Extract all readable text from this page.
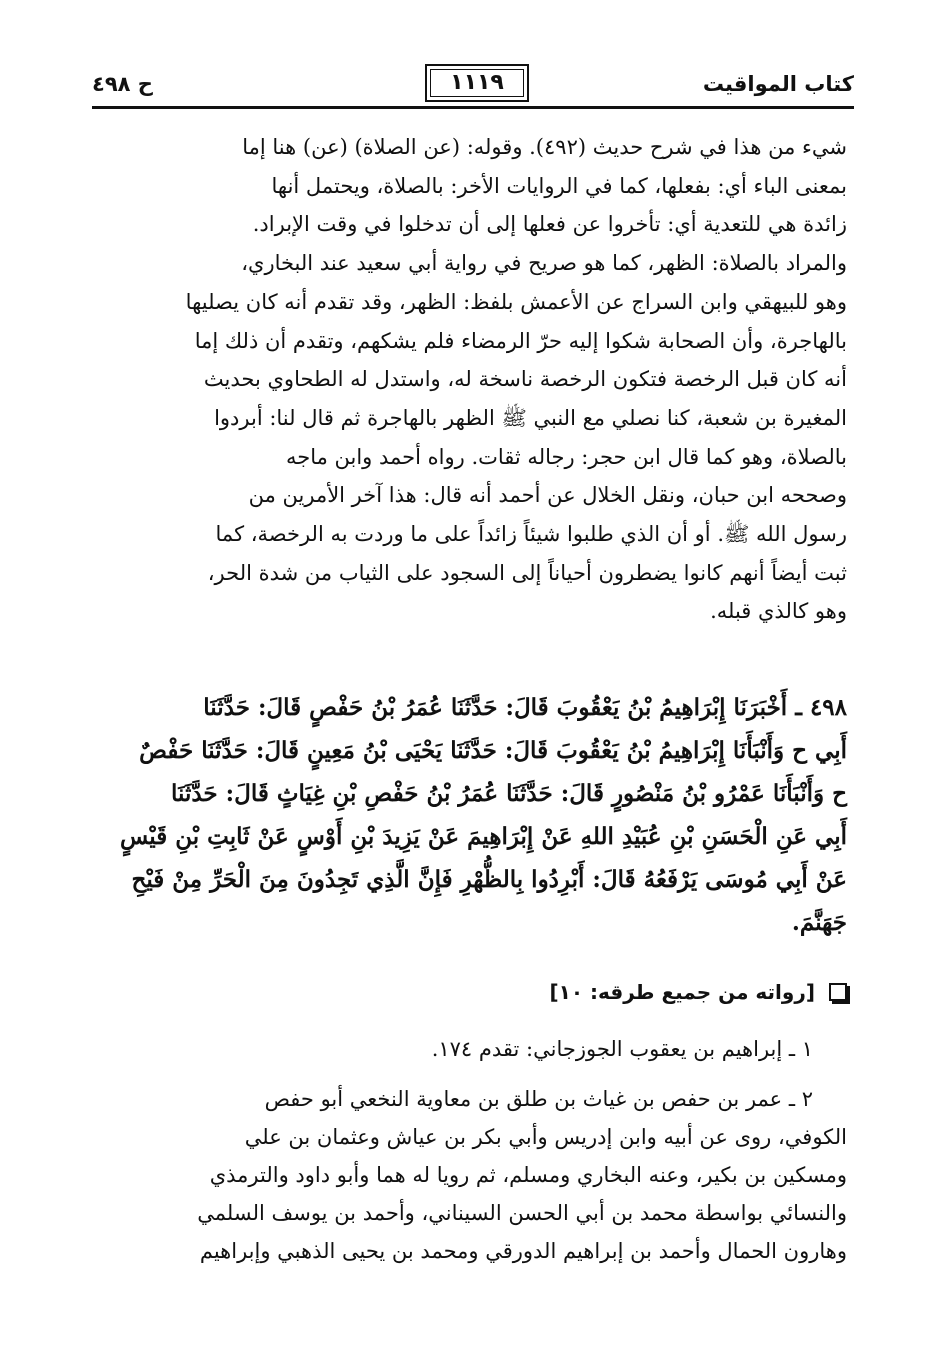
كتاب المواقيت
١١١٩
ح ٤٩٨

شيء من هذا في شرح حديث (٤٩٢). وقوله: (عن الصلاة) (عن) هنا إما

بمعنى الباء أي: بفعلها، كما في الروايات الأخر: بالصلاة، ويحتمل أنها

زائدة هي للتعدية أي: تأخروا عن فعلها إلى أن تدخلوا في وقت الإبراد.

والمراد بالصلاة: الظهر، كما هو صريح في رواية أبي سعيد عند البخاري،

وهو للبيهقي وابن السراج عن الأعمش بلفظ: الظهر، وقد تقدم أنه كان يصليها

بالهاجرة، وأن الصحابة شكوا إليه حرّ الرمضاء فلم يشكهم، وتقدم أن ذلك إما

أنه كان قبل الرخصة فتكون الرخصة ناسخة له، واستدل له الطحاوي بحديث

المغيرة بن شعبة، كنا نصلي مع النبي ﷺ الظهر بالهاجرة ثم قال لنا: أبردوا

بالصلاة، وهو كما قال ابن حجر: رجاله ثقات. رواه أحمد وابن ماجه

وصححه ابن حبان، ونقل الخلال عن أحمد أنه قال: هذا آخر الأمرين من

رسول الله ﷺ. أو أن الذي طلبوا شيئاً زائداً على ما وردت به الرخصة، كما

ثبت أيضاً أنهم كانوا يضطرون أحياناً إلى السجود على الثياب من شدة الحر،

وهو كالذي قبله.

٤٩٨ ـ أَخْبَرَنَا إِبْرَاهِيمُ بْنُ يَعْقُوبَ قَالَ: حَدَّثَنَا عُمَرُ بْنُ حَفْصٍ قَالَ: حَدَّثَنَا
أَبِي ح وَأَنْبَأَنَا إِبْرَاهِيمُ بْنُ يَعْقُوبَ قَالَ: حَدَّثَنَا يَحْيَى بْنُ مَعِينٍ قَالَ: حَدَّثَنَا حَفْصٌ
ح وَأَنْبَأَنَا عَمْرُو بْنُ مَنْصُورٍ قَالَ: حَدَّثَنَا عُمَرُ بْنُ حَفْصِ بْنِ غِيَاثٍ قَالَ: حَدَّثَنَا
أَبِي عَنِ الْحَسَنِ بْنِ عُبَيْدِ اللهِ عَنْ إِبْرَاهِيمَ عَنْ يَزِيدَ بْنِ أَوْسٍ عَنْ ثَابِتِ بْنِ قَيْسٍ
عَنْ أَبِي مُوسَى يَرْفَعُهُ قَالَ: أَبْرِدُوا بِالظُّهْرِ فَإِنَّ الَّذِي تَجِدُونَ مِنَ الْحَرِّ مِنْ فَيْحِ
جَهَنَّمَ.
[رواته من جميع طرقه: ١٠]

١ ـ إبراهيم بن يعقوب الجوزجاني: تقدم ١٧٤.

٢ ـ عمر بن حفص بن غياث بن طلق بن معاوية النخعي أبو حفص

الكوفي، روى عن أبيه وابن إدريس وأبي بكر بن عياش وعثمان بن علي

ومسكين بن بكير، وعنه البخاري ومسلم، ثم رويا له هما وأبو داود والترمذي

والنسائي بواسطة محمد بن أبي الحسن السيناني، وأحمد بن يوسف السلمي

وهارون الحمال وأحمد بن إبراهيم الدورقي ومحمد بن يحيى الذهبي وإبراهيم
